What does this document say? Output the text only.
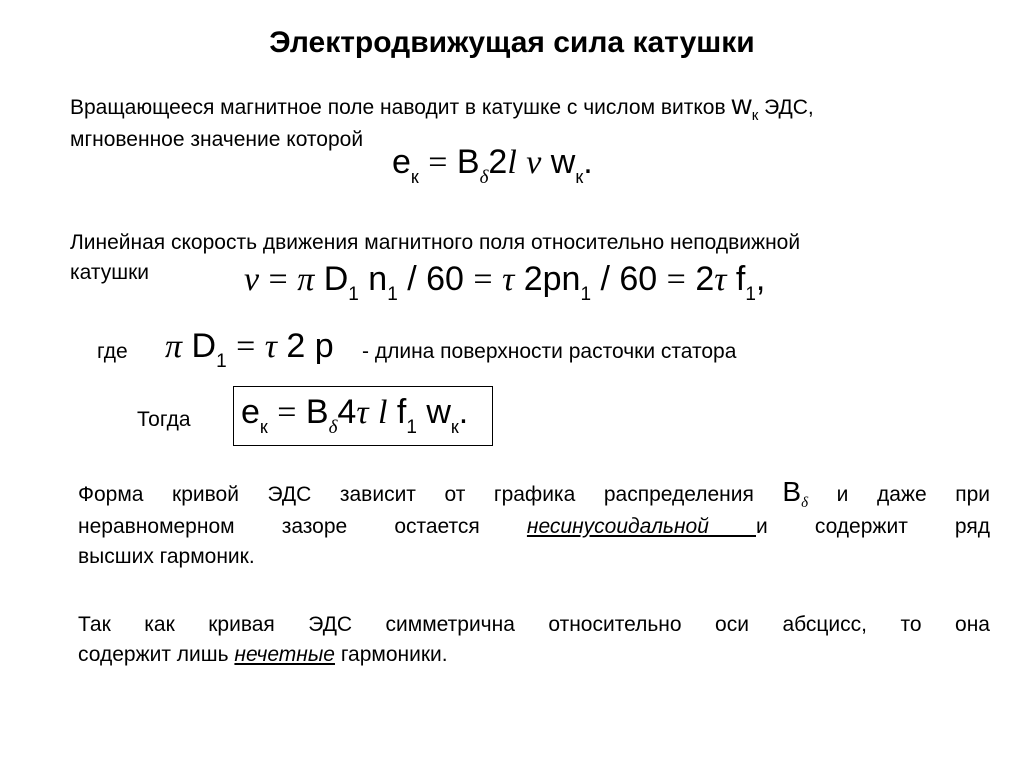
Электродвижущая сила катушки
Вращающееся магнитное поле наводит в катушке с числом витков $w_к$ ЭДС,
мгновенное значение которой
$e_к = B_\delta 2l$ v $w_к$.
Линейная скорость движения магнитного поля относительно неподвижной
катушки	v = π $D_1$ $n_1 / 60 = \tau$ $2pn_1 / 60 = 2\tau$ $f_1$,
где π $D_1 = \tau$ 2 p - длина поверхности расточки статора
Тогда $e_к = B_\delta 4\tau$ l $f_1$ $w_к$.
Форма кривой ЭДС зависит от графика распределения $B_\delta$ и даже при
неравномерном зазоре остается несинусоидальной и содержит ряд
высших гармоник.
Так как кривая ЭДС симметрична относительно оси абсцисс, то она
содержит лишь нечетные гармоники.
